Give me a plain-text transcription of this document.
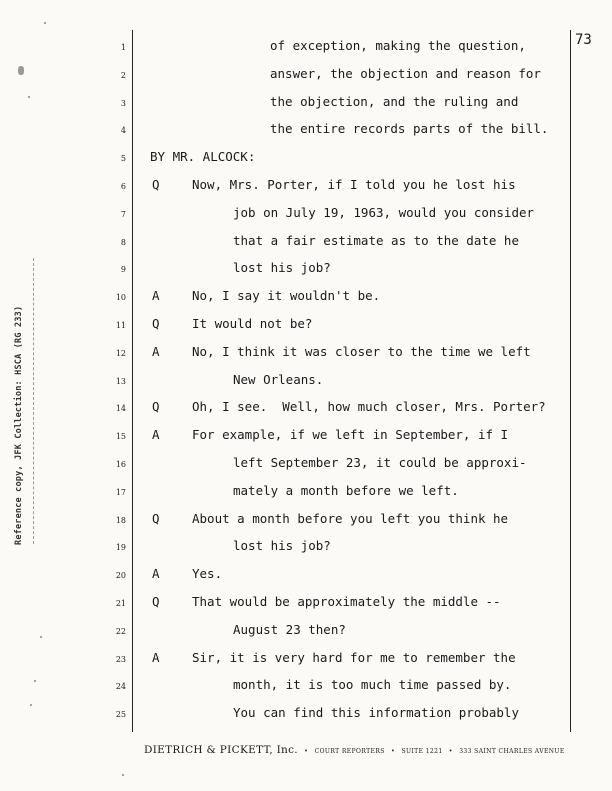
73
Reference copy, JFK Collection: HSCA (RG 233)
1	of exception, making the question,
2	answer, the objection and reason for
3	the objection, and the ruling and
4	the entire records parts of the bill.
5 BY MR. ALCOCK:
6 Q	Now, Mrs. Porter, if I told you he lost his
7	job on July 19, 1963, would you consider
8	that a fair estimate as to the date he
9	lost his job?
10 A	No, I say it wouldn't be.
11 Q	It would not be?
12 A	No, I think it was closer to the time we left
13	New Orleans.
14 Q	Oh, I see.  Well, how much closer, Mrs. Porter?
15 A	For example, if we left in September, if I
16	left September 23, it could be approxi-
17	mately a month before we left.
18 Q	About a month before you left you think he
19	lost his job?
20 A	Yes.
21 Q	That would be approximately the middle --
22	August 23 then?
23 A	Sir, it is very hard for me to remember the
24	month, it is too much time passed by.
25	You can find this information probably
DIETRICH & PICKETT, Inc. • COURT REPORTERS • SUITE 1221 • 333 SAINT CHARLES AVENUE
